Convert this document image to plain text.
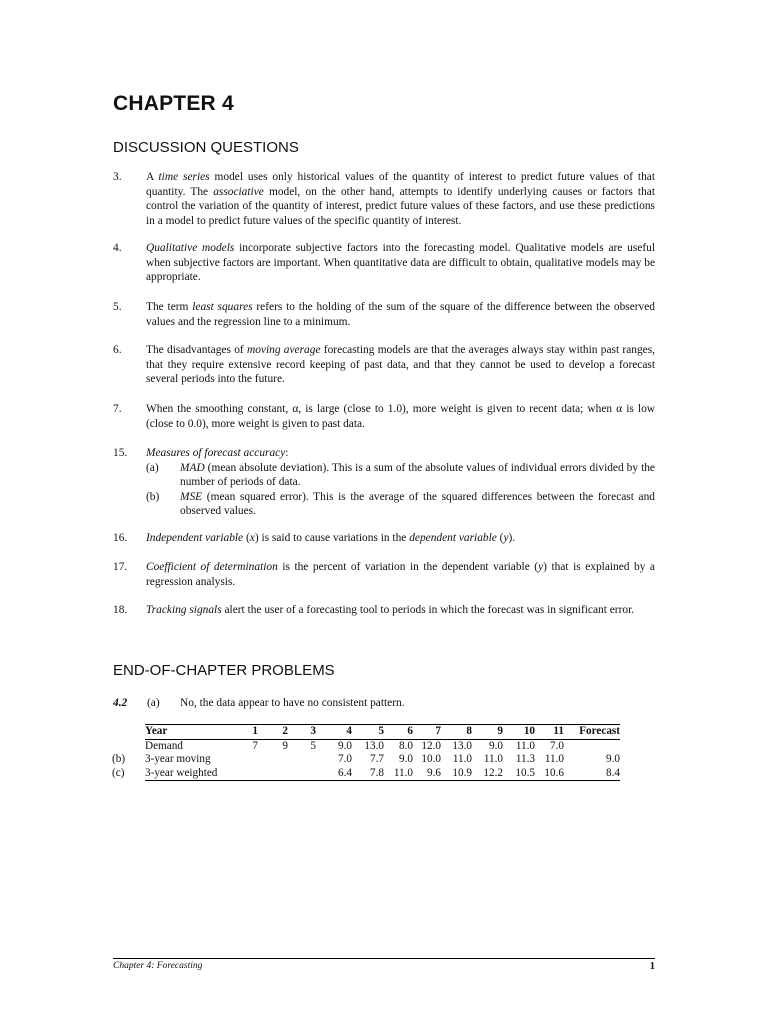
CHAPTER 4
DISCUSSION QUESTIONS
3. A time series model uses only historical values of the quantity of interest to predict future values of that quantity. The associative model, on the other hand, attempts to identify underlying causes or factors that control the variation of the quantity of interest, predict future values of these factors, and use these predictions in a model to predict future values of the specific quantity of interest.

4. Qualitative models incorporate subjective factors into the forecasting model. Qualitative models are useful when subjective factors are important. When quantitative data are difficult to obtain, qualitative models may be appropriate.

5. The term least squares refers to the holding of the sum of the square of the difference between the observed values and the regression line to a minimum.

6. The disadvantages of moving average forecasting models are that the averages always stay within past ranges, that they require extensive record keeping of past data, and that they cannot be used to develop a forecast several periods into the future.

7. When the smoothing constant, α, is large (close to 1.0), more weight is given to recent data; when α is low (close to 0.0), more weight is given to past data.

15. Measures of forecast accuracy:

(a) MAD (mean absolute deviation). This is a sum of the absolute values of individual errors divided by the number of periods of data.
(b) MSE (mean squared error). This is the average of the squared differences between the forecast and observed values.
16. Independent variable (x) is said to cause variations in the dependent variable (y).

17. Coefficient of determination is the percent of variation in the dependent variable (y) that is explained by a regression analysis.

18. Tracking signals alert the user of a forecasting tool to periods in which the forecast was in significant error.

END-OF-CHAPTER PROBLEMS
4.2 (a) No, the data appear to have no consistent pattern.
Year	1	2	3	4	5	6	7	8	9	10	11	Forecast

Demand	7	9	5	9.0	13.0	8.0	12.0	13.0	9.0	11.0	7.0	

(b) 3-year moving				7.0	7.7	9.0	10.0	11.0	11.0	11.3	11.0	9.0

(c) 3-year weighted				6.4	7.8	11.0	9.6	10.9	12.2	10.5	10.6	8.4
Chapter 4: Forecasting	1
